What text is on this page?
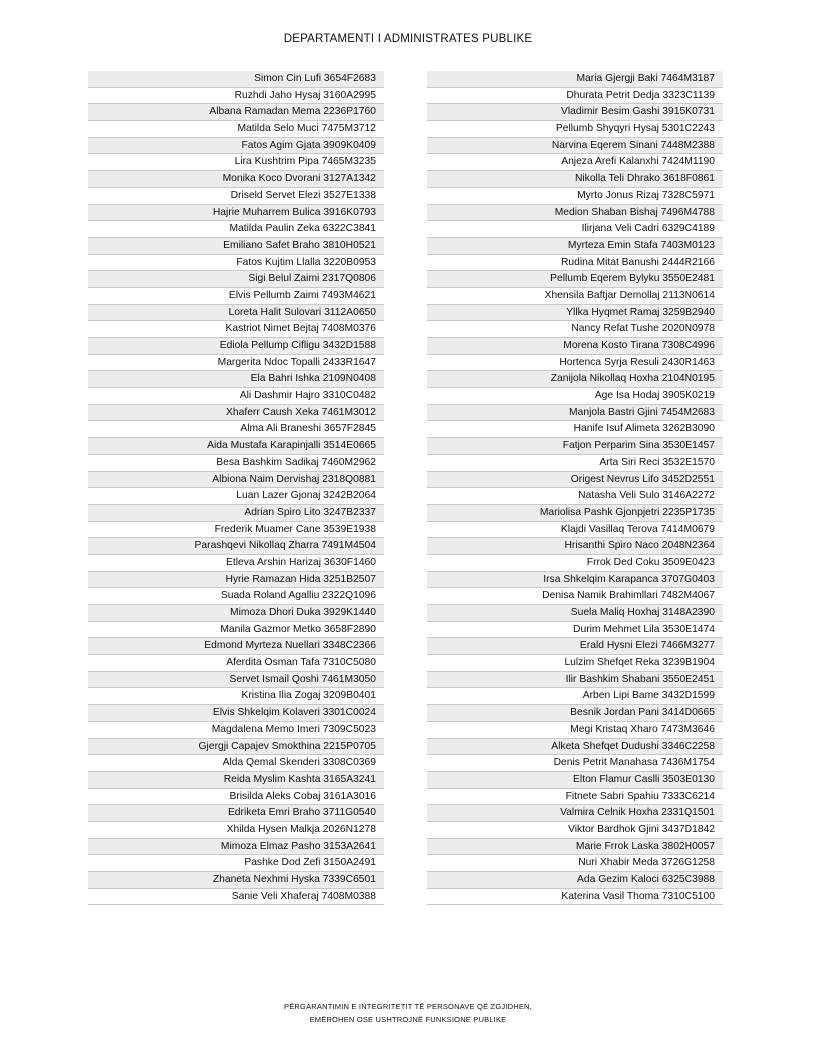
DEPARTAMENTI I ADMINISTRATES PUBLIKE
Simon Cin Lufi 3654F2683
Ruzhdi Jaho Hysaj 3160A2995
Albana Ramadan Mema 2236P1760
Matilda Selo Muci 7475M3712
Fatos Agim Gjata 3909K0409
Lira Kushtrim Pipa 7465M3235
Monika Koco Dvorani 3127A1342
Driseld Servet Elezi 3527E1338
Hajrie Muharrem Bulica 3916K0793
Matilda Paulin Zeka 6322C3841
Emiliano Safet Braho 3810H0521
Fatos Kujtim Llalla 3220B0953
Sigi Belul Zaimi 2317Q0806
Elvis Pellumb Zaimi 7493M4621
Loreta Halit Sulovari 3112A0650
Kastriot Nimet Bejtaj 7408M0376
Ediola Pellump Cifligu 3432D1588
Margerita Ndoc Topalli 2433R1647
Ela Bahri Ishka 2109N0408
Ali Dashmir Hajro 3310C0482
Xhaferr Caush Xeka 7461M3012
Alma Ali Braneshi 3657F2845
Aida Mustafa Karapinjalli 3514E0665
Besa Bashkim Sadikaj 7460M2962
Albiona Naim Dervishaj 2318Q0881
Luan Lazer Gjonaj 3242B2064
Adrian Spiro Lito 3247B2337
Frederik Muamer Cane 3539E1938
Parashqevi Nikollaq Zharra 7491M4504
Etleva Arshin Harizaj 3630F1460
Hyrie Ramazan Hida 3251B2507
Suada Roland Agalliu 2322Q1096
Mimoza Dhori Duka 3929K1440
Manila Gazmor Metko 3658F2890
Edmond Myrteza Nuellari 3348C2366
Aferdita Osman Tafa 7310C5080
Servet Ismail Qoshi 7461M3050
Kristina Ilia Zogaj 3209B0401
Elvis Shkelqim Kolaveri 3301C0024
Magdalena Memo Imeri 7309C5023
Gjergji Capajev Smokthina 2215P0705
Alda Qemal Skenderi 3308C0369
Reida Myslim Kashta 3165A3241
Brisilda Aleks Cobaj 3161A3016
Edriketa Emri Braho 3711G0540
Xhilda Hysen Malkja 2026N1278
Mimoza Elmaz Pasho 3153A2641
Pashke Dod Zefi 3150A2491
Zhaneta Nexhmi Hyska 7339C6501
Sanie Veli Xhaferaj 7408M0388
Maria Gjergji Baki 7464M3187
Dhurata Petrit Dedja 3323C1139
Vladimir Besim Gashi 3915K0731
Pellumb Shyqyri Hysaj 5301C2243
Narvina Eqerem Sinani 7448M2388
Anjeza Arefi Kalanxhi 7424M1190
Nikolla Teli Dhrako 3618F0861
Myrto Jonus Rizaj 7328C5971
Medion Shaban Bishaj 7496M4788
Ilirjana Veli Cadri 6329C4189
Myrteza Emin Stafa 7403M0123
Rudina Mitat Banushi 2444R2166
Pellumb Eqerem Bylyku 3550E2481
Xhensila Baftjar Demollaj 2113N0614
Yllka Hyqmet Ramaj 3259B2940
Nancy Refat Tushe 2020N0978
Morena Kosto Tirana 7308C4996
Hortenca Syrja Resuli 2430R1463
Zanijola Nikollaq Hoxha 2104N0195
Age Isa Hodaj 3905K0219
Manjola Bastri Gjini 7454M2683
Hanife Isuf Alimeta 3262B3090
Fatjon Perparim Sina 3530E1457
Arta Siri Reci 3532E1570
Origest Nevrus Lifo 3452D2551
Natasha Veli Sulo 3146A2272
Mariolisa Pashk Gjonpjetri 2235P1735
Klajdi Vasillaq Terova 7414M0679
Hrisanthi Spiro Naco 2048N2364
Frrok Ded Coku 3509E0423
Irsa Shkelqim Karapanca 3707G0403
Denisa Namik Brahimllari 7482M4067
Suela Maliq Hoxhaj 3148A2390
Durim Mehmet Lila 3530E1474
Erald Hysni Elezi 7466M3277
Lulzim Shefqet Reka 3239B1904
Ilir Bashkim Shabani 3550E2451
Arben Lipi Bame 3432D1599
Besnik Jordan Pani 3414D0665
Megi Kristaq Xharo 7473M3646
Alketa Shefqet Dudushi 3346C2258
Denis Petrit Manahasa 7436M1754
Elton Flamur Caslli 3503E0130
Fitnete Sabri Spahiu 7333C6214
Valmira Celnik Hoxha 2331Q1501
Viktor Bardhok Gjini 3437D1842
Marie Frrok Laska 3802H0057
Nuri Xhabir Meda 3726G1258
Ada Gezim Kaloci 6325C3988
Katerina Vasil Thoma 7310C5100
PËRGARANTIMIN E INTEGRITETIT TË PERSONAVE QË ZGJIDHEN,
EMËROHEN OSE USHTROJNË FUNKSIONE PUBLIKE
